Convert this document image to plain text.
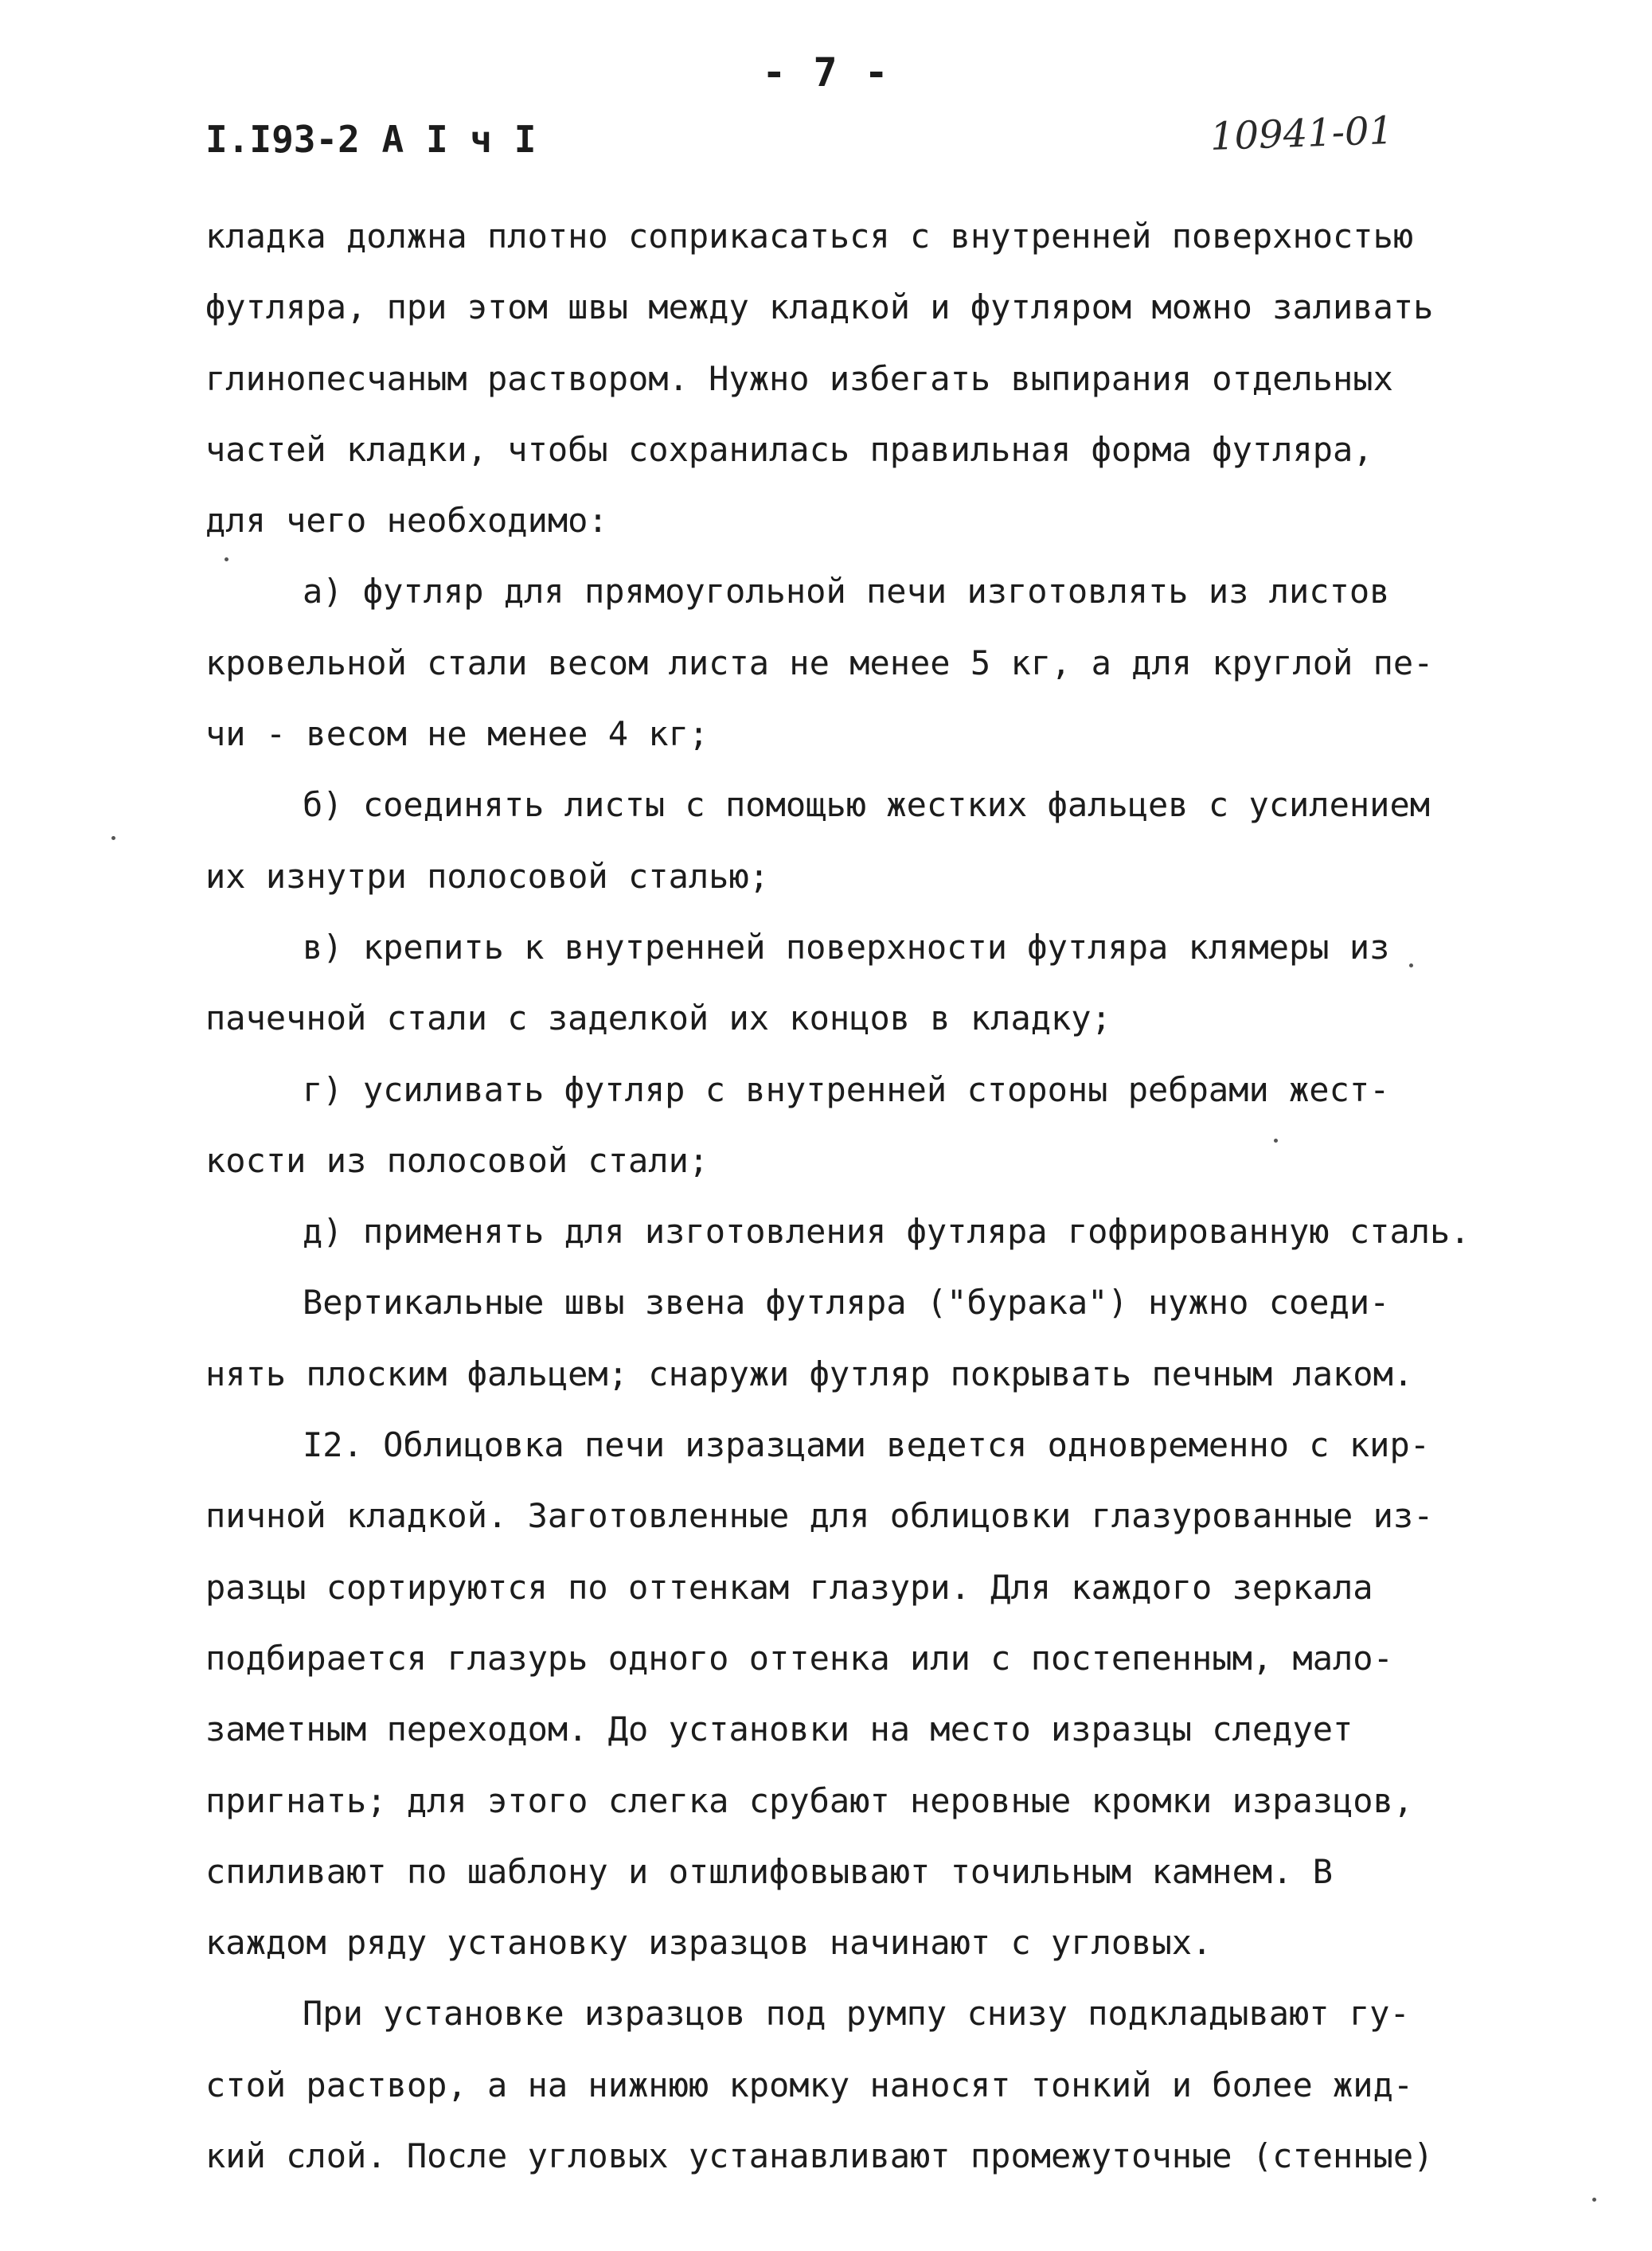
- 7 -
I.I93-2 А I ч I	10941-01
кладка должна плотно соприкасаться с внутренней поверхностью
футляра, при этом швы между кладкой и футляром можно заливать
глинопесчаным раствором. Нужно избегать выпирания отдельных
частей кладки, чтобы сохранилась правильная форма футляра,
для чего необходимо:
а) футляр для прямоугольной печи изготовлять из листов
кровельной стали весом листа не менее 5 кг, а для круглой пе-
чи - весом не менее 4 кг;
б) соединять листы с помощью жестких фальцев с усилением
их изнутри полосовой сталью;
в) крепить к внутренней поверхности футляра клямеры из
пачечной стали с заделкой их концов в кладку;
г) усиливать футляр с внутренней стороны ребрами жест-
кости из полосовой стали;
д) применять для изготовления футляра гофрированную сталь.
Вертикальные швы звена футляра ("бурака") нужно соеди-
нять плоским фальцем; снаружи футляр покрывать печным лаком.
I2. Облицовка печи изразцами ведется одновременно с кир-
пичной кладкой. Заготовленные для облицовки глазурованные из-
разцы сортируются по оттенкам глазури. Для каждого зеркала
подбирается глазурь одного оттенка или с постепенным, мало-
заметным переходом. До установки на место изразцы следует
пригнать; для этого слегка срубают неровные кромки изразцов,
спиливают по шаблону и отшлифовывают точильным камнем. В
каждом ряду установку изразцов начинают с угловых.
При установке изразцов под румпу снизу подкладывают гу-
стой раствор, а на нижнюю кромку наносят тонкий и более жид-
кий слой. После угловых устанавливают промежуточные (стенные)
